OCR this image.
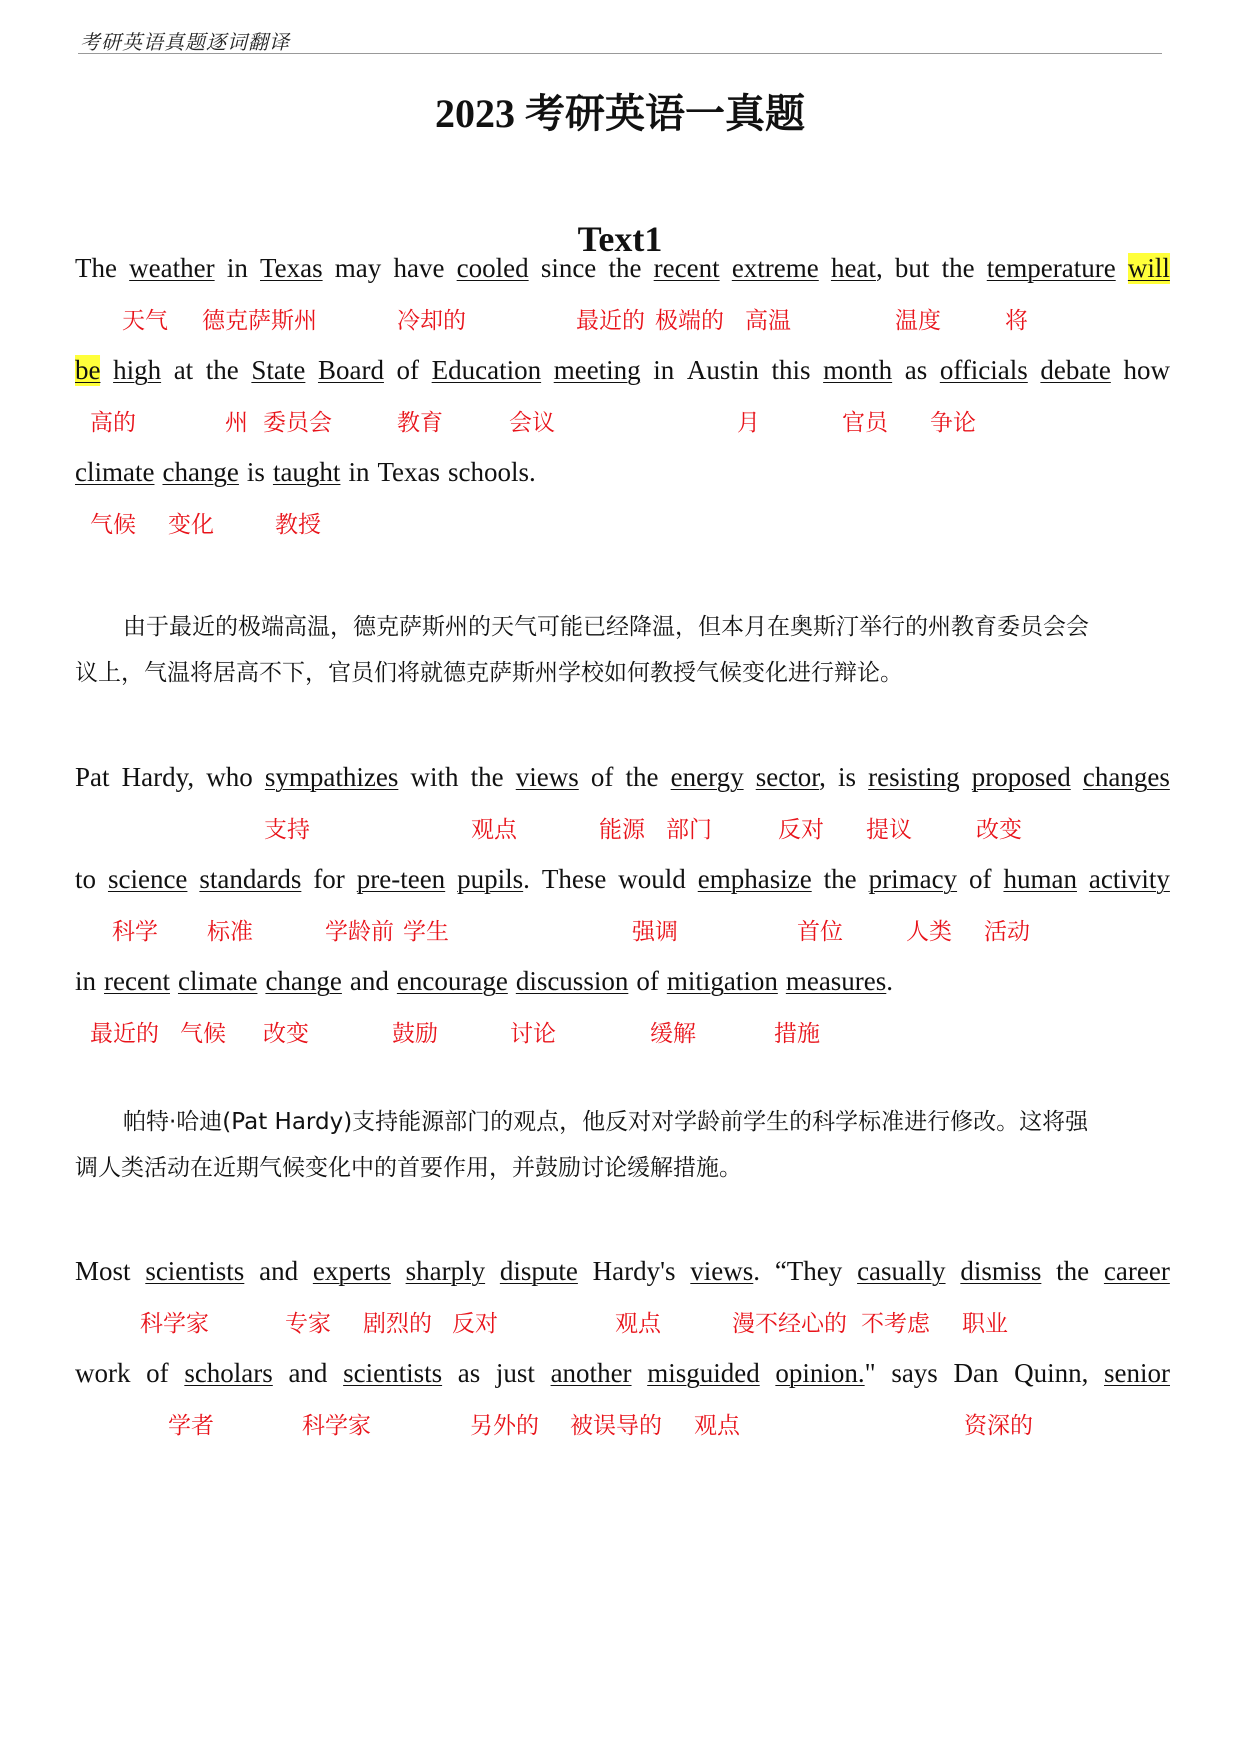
考研英语真题逐词翻译
2023 考研英语一真题
Text1
The weather in Texas may have cooled since the recent extreme heat, but the temperature will
天气 德克萨斯州	冷却的	最近的 极端的 高温	温度	将
be high at the State Board of Education meeting in Austin this month as officials debate how
高的	州 委员会	教育	会议	月	官员 争论
climate change is taught in Texas schools.
气候 变化	教授
由于最近的极端高温，德克萨斯州的天气可能已经降温，但本月在奥斯汀举行的州教育委员会会
议上，气温将居高不下，官员们将就德克萨斯州学校如何教授气候变化进行辩论。
Pat Hardy, who sympathizes with the views of the energy sector, is resisting proposed changes
支持	观点	能源 部门	反对 提议	改变
to science standards for pre-teen pupils. These would emphasize the primacy of human activity
科学 标准	学龄前 学生	强调	首位	人类 活动
in recent climate change and encourage discussion of mitigation measures.
最近的 气候 改变	鼓励	讨论	缓解	措施
帕特·哈迪(Pat Hardy)支持能源部门的观点，他反对对学龄前学生的科学标准进行修改。这将强
调人类活动在近期气候变化中的首要作用，并鼓励讨论缓解措施。
Most scientists and experts sharply dispute Hardy's views. “They casually dismiss the career
科学家	专家 剧烈的 反对	观点	漫不经心的 不考虑 职业
work of scholars and scientists as just another misguided opinion." says Dan Quinn, senior
学者	科学家	另外的 被误导的 观点	资深的
